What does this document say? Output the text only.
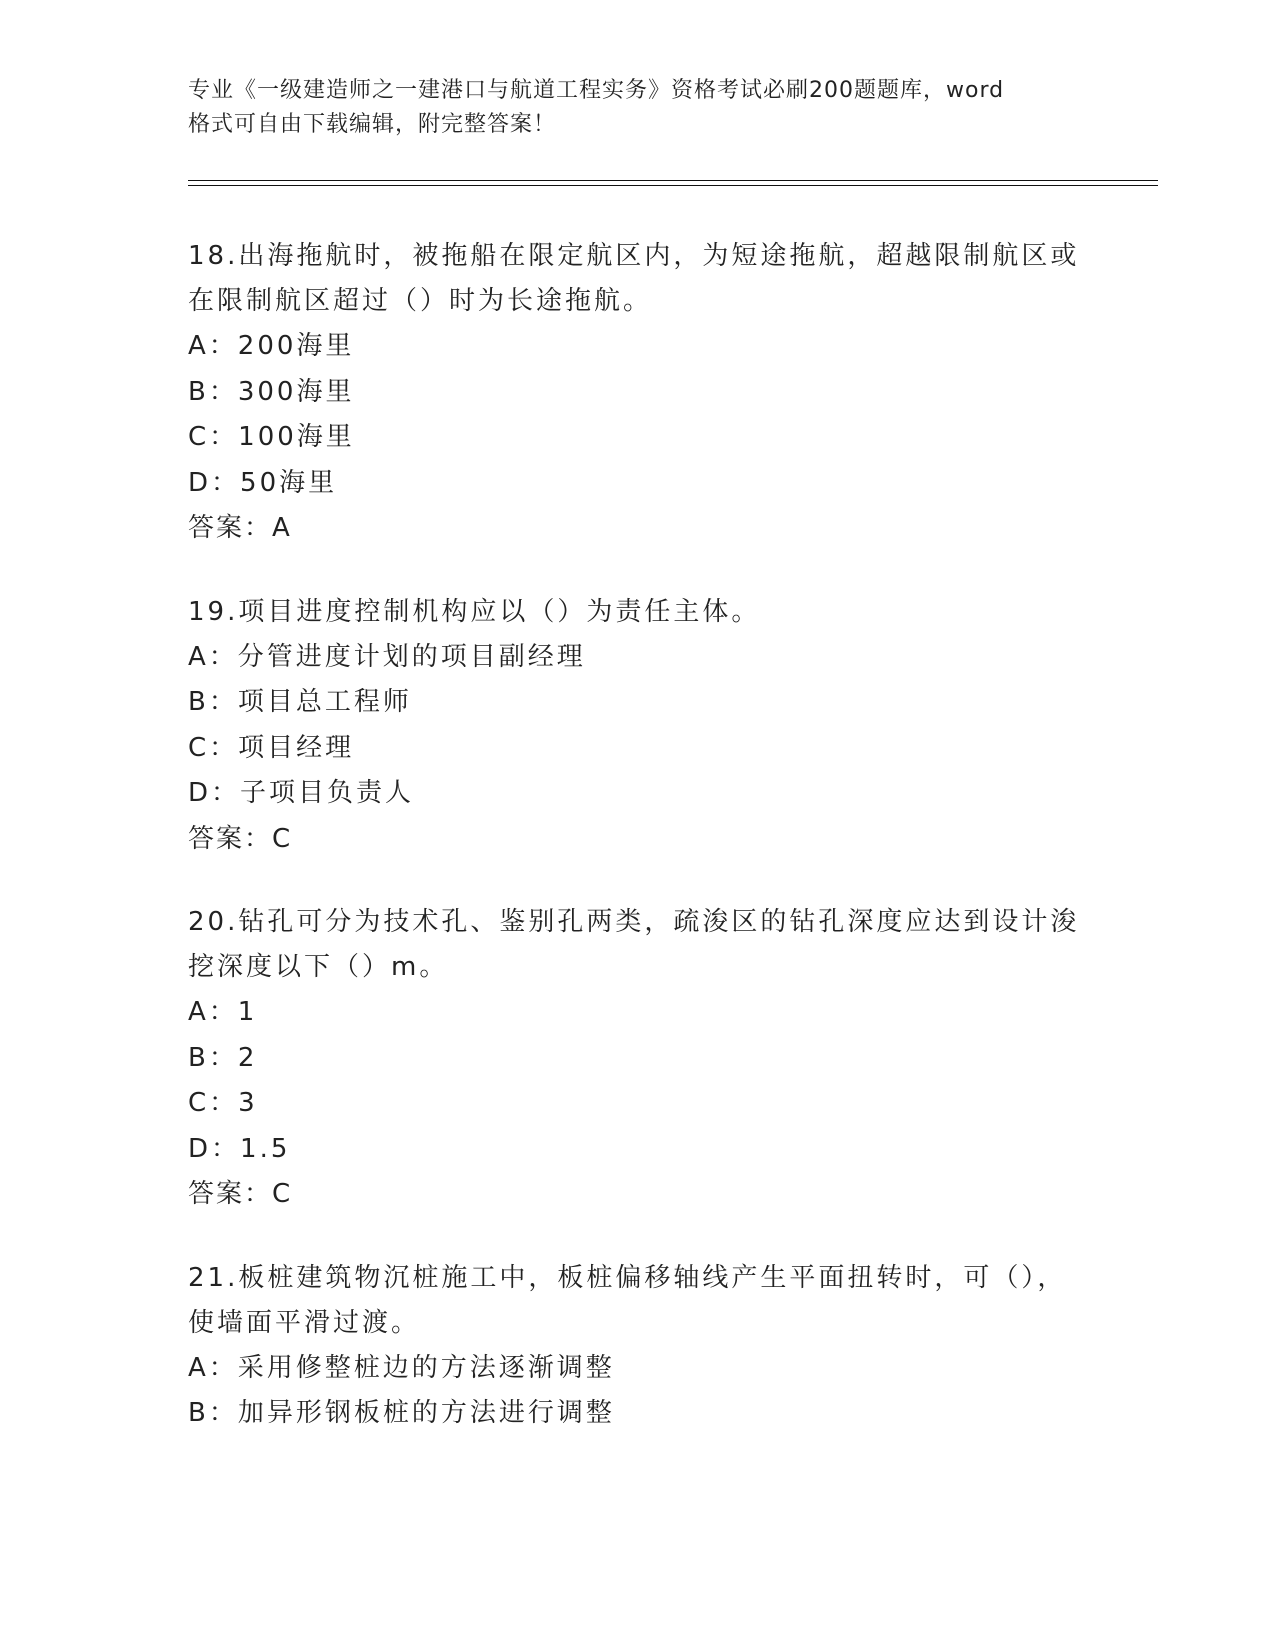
专业《一级建造师之一建港口与航道工程实务》资格考试必刷200题题库，word
格式可自由下载编辑，附完整答案！

18.出海拖航时，被拖船在限定航区内，为短途拖航，超越限制航区或在限制航区超过（）时为长途拖航。

A：200海里

B：300海里

C：100海里

D：50海里

答案：A

19.项目进度控制机构应以（）为责任主体。

A：分管进度计划的项目副经理

B：项目总工程师

C：项目经理

D：子项目负责人

答案：C

20.钻孔可分为技术孔、鉴别孔两类，疏浚区的钻孔深度应达到设计浚挖深度以下（）m。

A：1

B：2

C：3

D：1.5

答案：C

21.板桩建筑物沉桩施工中，板桩偏移轴线产生平面扭转时，可（），使墙面平滑过渡。

A：采用修整桩边的方法逐渐调整

B：加异形钢板桩的方法进行调整
